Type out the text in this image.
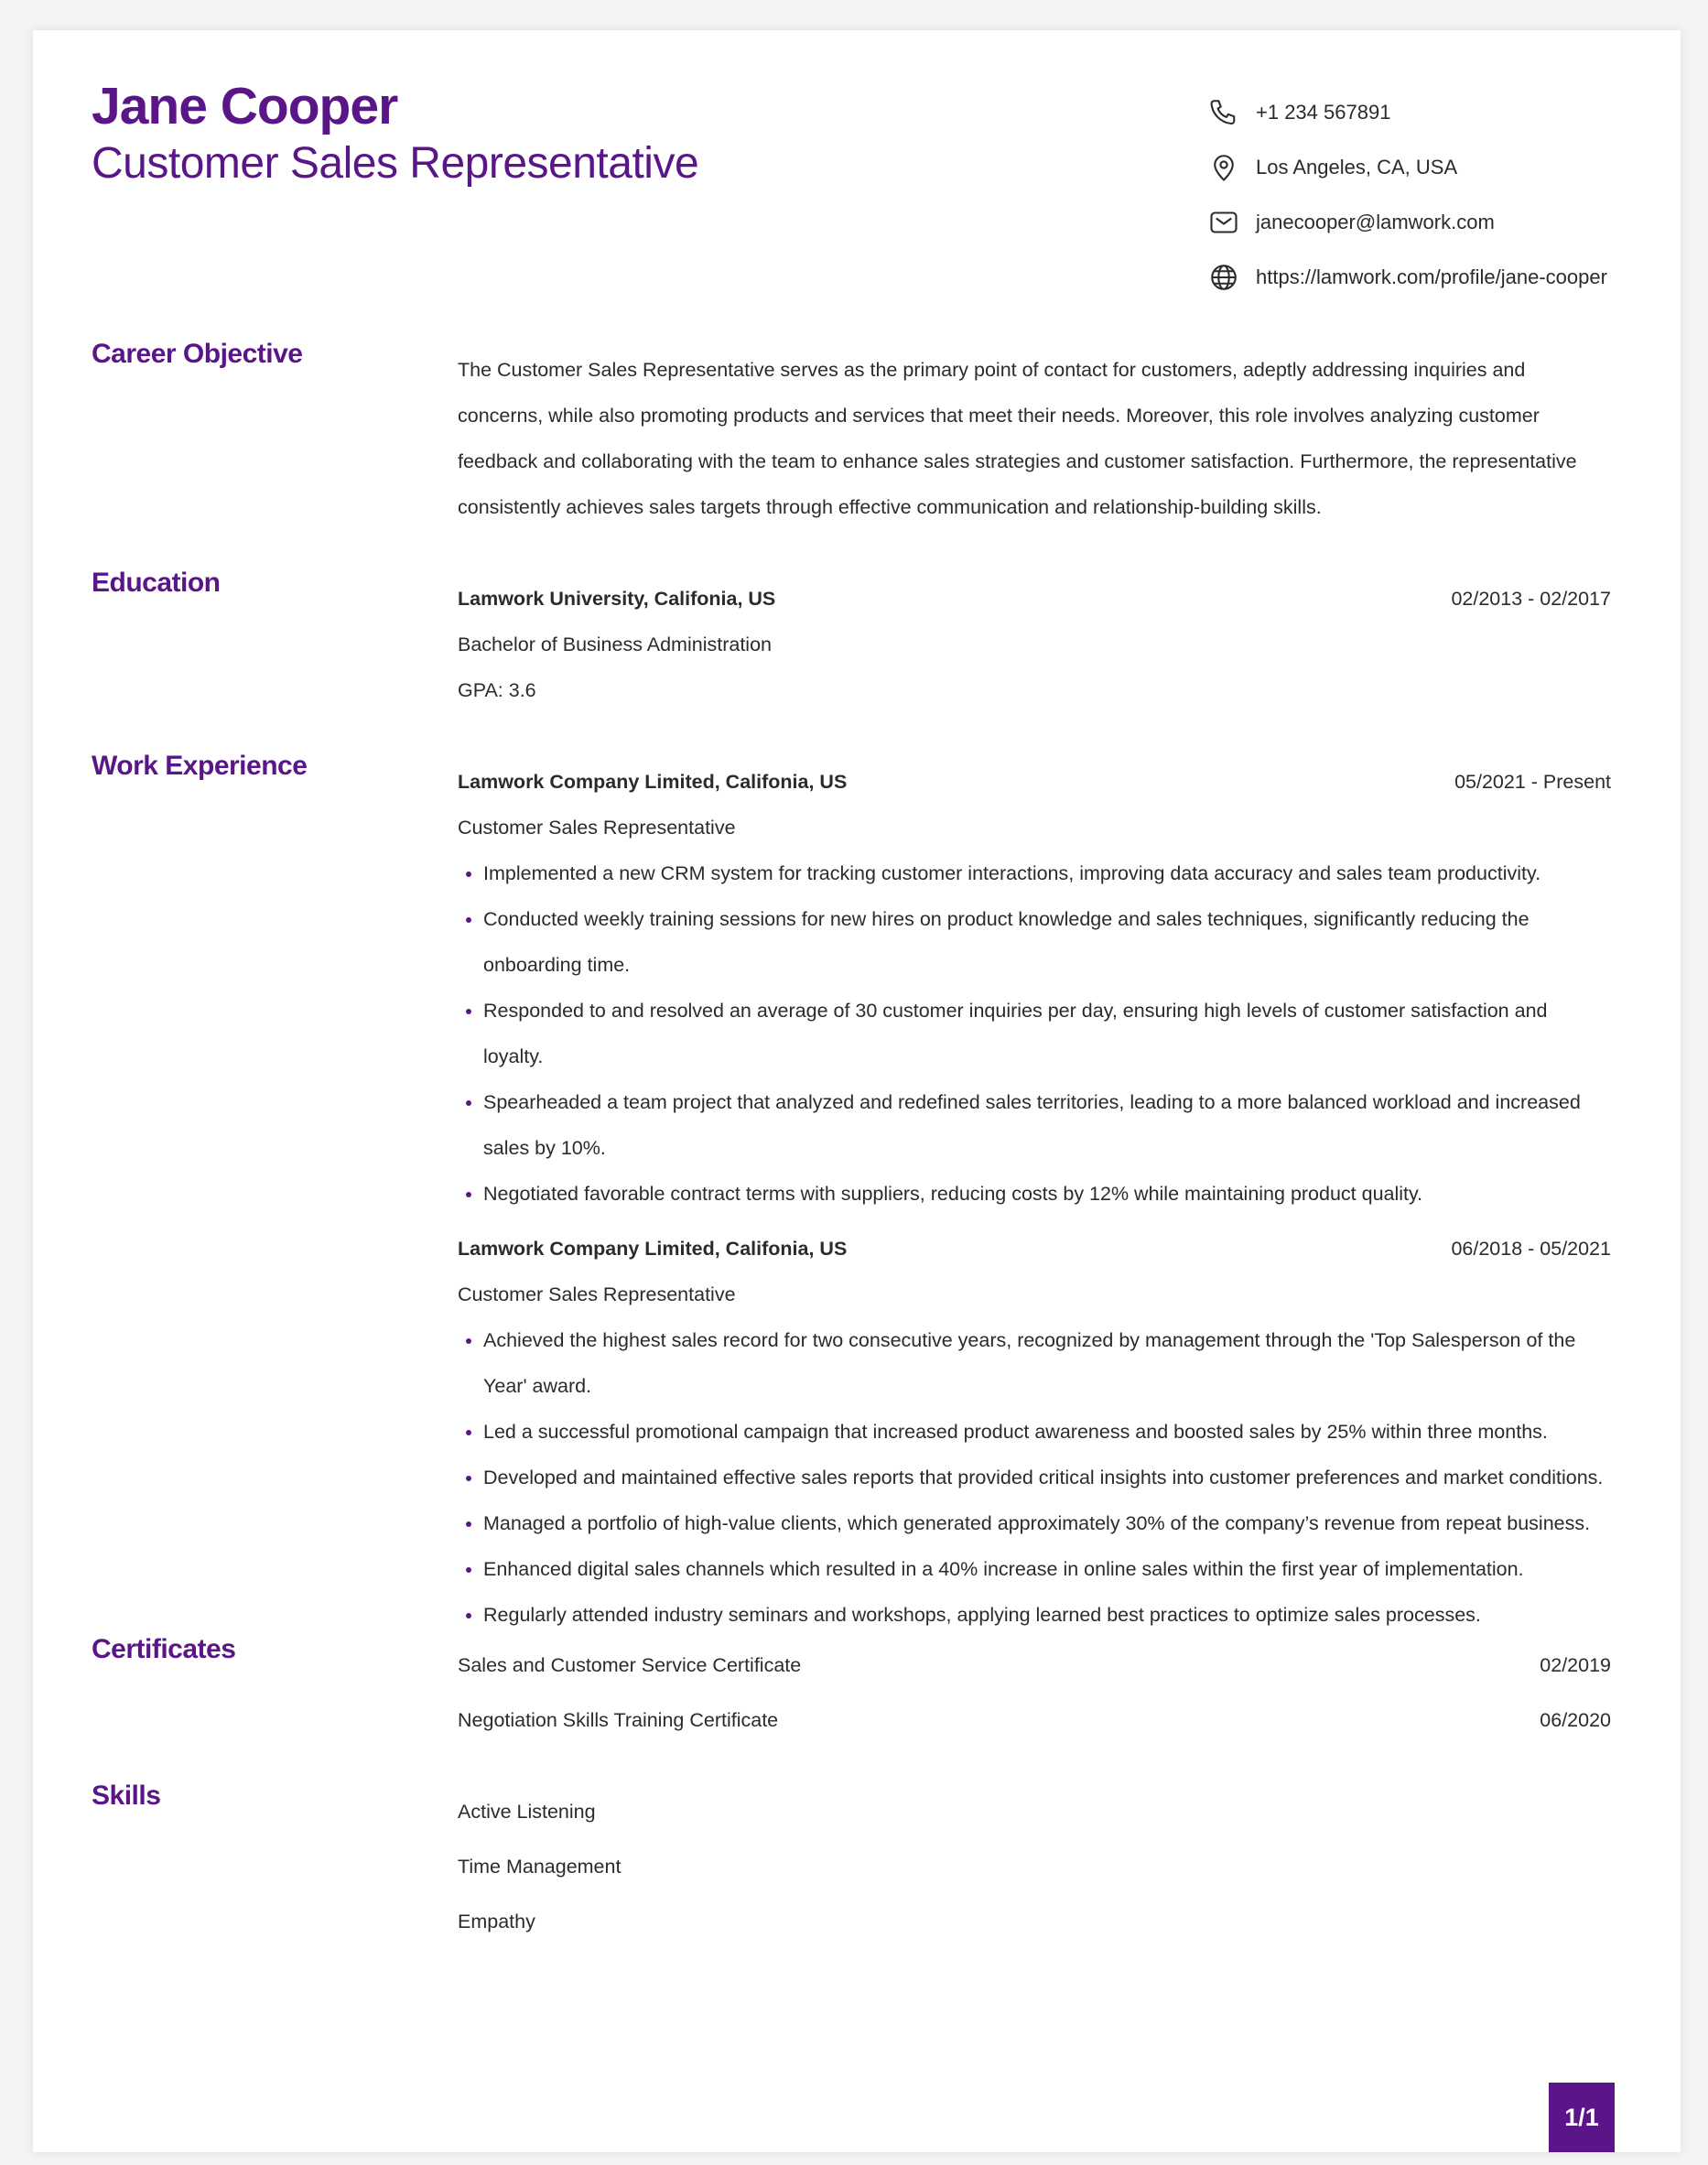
Jane Cooper
Customer Sales Representative
+1 234 567891
Los Angeles, CA, USA
janecooper@lamwork.com
https://lamwork.com/profile/jane-cooper
Career Objective

The Customer Sales Representative serves as the primary point of contact for customers, adeptly addressing inquiries and concerns, while also promoting products and services that meet their needs. Moreover, this role involves analyzing customer feedback and collaborating with the team to enhance sales strategies and customer satisfaction. Furthermore, the representative consistently achieves sales targets through effective communication and relationship-building skills.

Education
Lamwork University, Califonia, US	02/2013 - 02/2017
Bachelor of Business Administration
GPA: 3.6
Work Experience
Lamwork Company Limited, Califonia, US	05/2021 - Present
Customer Sales Representative
Implemented a new CRM system for tracking customer interactions, improving data accuracy and sales team productivity.
Conducted weekly training sessions for new hires on product knowledge and sales techniques, significantly reducing the onboarding time.
Responded to and resolved an average of 30 customer inquiries per day, ensuring high levels of customer satisfaction and loyalty.
Spearheaded a team project that analyzed and redefined sales territories, leading to a more balanced workload and increased sales by 10%.
Negotiated favorable contract terms with suppliers, reducing costs by 12% while maintaining product quality.
Lamwork Company Limited, Califonia, US	06/2018 - 05/2021
Customer Sales Representative
Achieved the highest sales record for two consecutive years, recognized by management through the 'Top Salesperson of the Year' award.
Led a successful promotional campaign that increased product awareness and boosted sales by 25% within three months.
Developed and maintained effective sales reports that provided critical insights into customer preferences and market conditions.
Managed a portfolio of high-value clients, which generated approximately 30% of the company’s revenue from repeat business.
Enhanced digital sales channels which resulted in a 40% increase in online sales within the first year of implementation.
Regularly attended industry seminars and workshops, applying learned best practices to optimize sales processes.
Certificates
Sales and Customer Service Certificate	02/2019
Negotiation Skills Training Certificate	06/2020
Skills
Active Listening
Time Management
Empathy
1/1
